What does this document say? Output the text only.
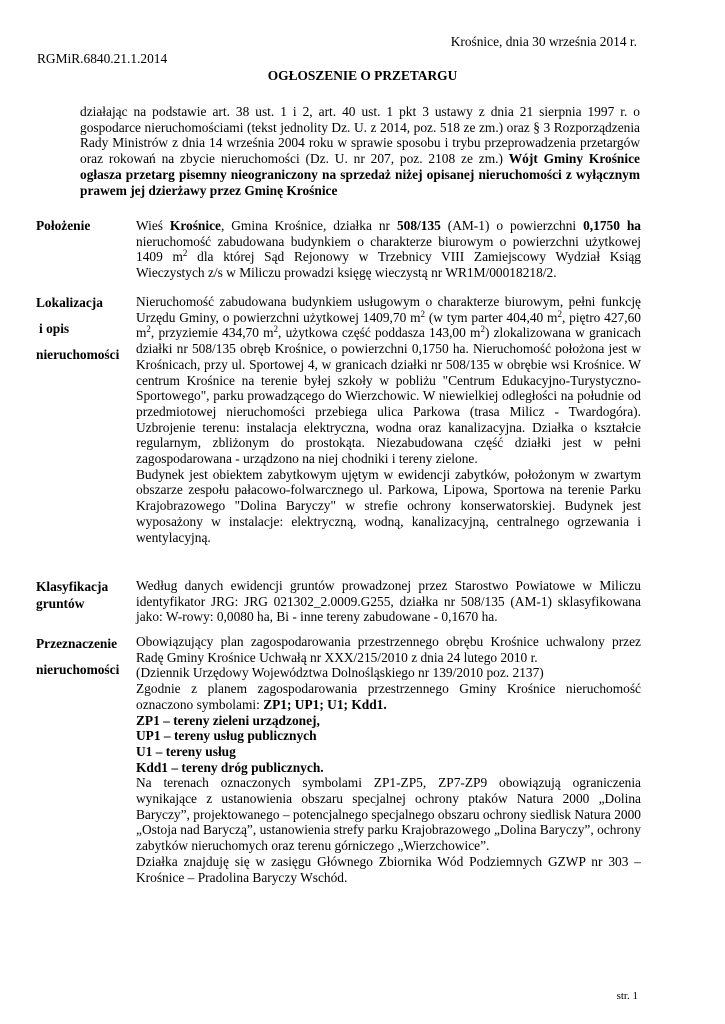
Krośnice, dnia 30 września 2014 r.
RGMiR.6840.21.1.2014
OGŁOSZENIE O PRZETARGU
działając na podstawie art. 38 ust. 1 i 2, art. 40 ust. 1 pkt 3 ustawy z dnia 21 sierpnia 1997 r. o gospodarce nieruchomościami (tekst jednolity Dz. U. z 2014, poz. 518 ze zm.) oraz § 3 Rozporządzenia Rady Ministrów z dnia 14 września 2004 roku w sprawie sposobu i trybu przeprowadzenia przetargów oraz rokowań na zbycie nieruchomości (Dz. U. nr 207, poz. 2108 ze zm.) Wójt Gminy Krośnice ogłasza przetarg pisemny nieograniczony na sprzedaż niżej opisanej nieruchomości z wyłącznym prawem jej dzierżawy przez Gminę Krośnice
Położenie	Wieś Krośnice, Gmina Krośnice, działka nr 508/135 (AM-1) o powierzchni 0,1750 ha nieruchomość zabudowana budynkiem o charakterze biurowym o powierzchni użytkowej 1409 $m^2$ dla której Sąd Rejonowy w Trzebnicy VIII Zamiejscowy Wydział Ksiąg Wieczystych z/s w Miliczu prowadzi księgę wieczystą nr WR1M/00018218/2.
Lokalizacja
i opis
nieruchomości

Nieruchomość zabudowana budynkiem usługowym o charakterze biurowym, pełni funkcję Urzędu Gminy, o powierzchni użytkowej 1409,70 $m^2$ (w tym parter 404,40 $m^2$, piętro 427,60 $m^2$, przyziemie 434,70 $m^2$, użytkowa część poddasza 143,00 $m^2$) zlokalizowana w granicach działki nr 508/135 obręb Krośnice, o powierzchni 0,1750 ha. Nieruchomość położona jest w Krośnicach, przy ul. Sportowej 4, w granicach działki nr 508/135 w obrębie wsi Krośnice. W centrum Krośnice na terenie byłej szkoły w pobliżu "Centrum Edukacyjno-Turystyczno-Sportowego", parku prowadzącego do Wierzchowic. W niewielkiej odległości na południe od przedmiotowej nieruchomości przebiega ulica Parkowa (trasa Milicz - Twardogóra). Uzbrojenie terenu: instalacja elektryczna, wodna oraz kanalizacyjna. Działka o kształcie regularnym, zbliżonym do prostokąta. Niezabudowana część działki jest w pełni zagospodarowana - urządzono na niej chodniki i tereny zielone.

Budynek jest obiektem zabytkowym ujętym w ewidencji zabytków, położonym w zwartym obszarze zespołu pałacowo-folwarcznego ul. Parkowa, Lipowa, Sportowa na terenie Parku Krajobrazowego "Dolina Baryczy" w strefie ochrony konserwatorskiej. Budynek jest wyposażony w instalacje: elektryczną, wodną, kanalizacyjną, centralnego ogrzewania i wentylacyjną.

Klasyfikacja
gruntów

Według danych ewidencji gruntów prowadzonej przez Starostwo Powiatowe w Miliczu identyfikator JRG: JRG 021302_2.0009.G255, działka nr 508/135 (AM-1) sklasyfikowana jako: W-rowy: 0,0080 ha, Bi - inne tereny zabudowane - 0,1670 ha.

Przeznaczenie
nieruchomości

Obowiązujący plan zagospodarowania przestrzennego obrębu Krośnice uchwalony przez Radę Gminy Krośnice Uchwałą nr XXX/215/2010 z dnia 24 lutego 2010 r.

(Dziennik Urzędowy Województwa Dolnośląskiego nr 139/2010 poz. 2137)

Zgodnie z planem zagospodarowania przestrzennego Gminy Krośnice nieruchomość oznaczono symbolami: ZP1; UP1; U1; Kdd1.

ZP1 – tereny zieleni urządzonej,

UP1 – tereny usług publicznych

U1 – tereny usług

Kdd1 – tereny dróg publicznych.

Na terenach oznaczonych symbolami ZP1-ZP5, ZP7-ZP9 obowiązują ograniczenia wynikające z ustanowienia obszaru specjalnej ochrony ptaków Natura 2000 „Dolina Baryczy”, projektowanego – potencjalnego specjalnego obszaru ochrony siedlisk Natura 2000 „Ostoja nad Baryczą”, ustanowienia strefy parku Krajobrazowego „Dolina Baryczy”, ochrony zabytków nieruchomych oraz terenu górniczego „Wierzchowice”.

Działka znajduję się w zasięgu Głównego Zbiornika Wód Podziemnych GZWP nr 303 – Krośnice – Pradolina Baryczy Wschód.

str. 1
